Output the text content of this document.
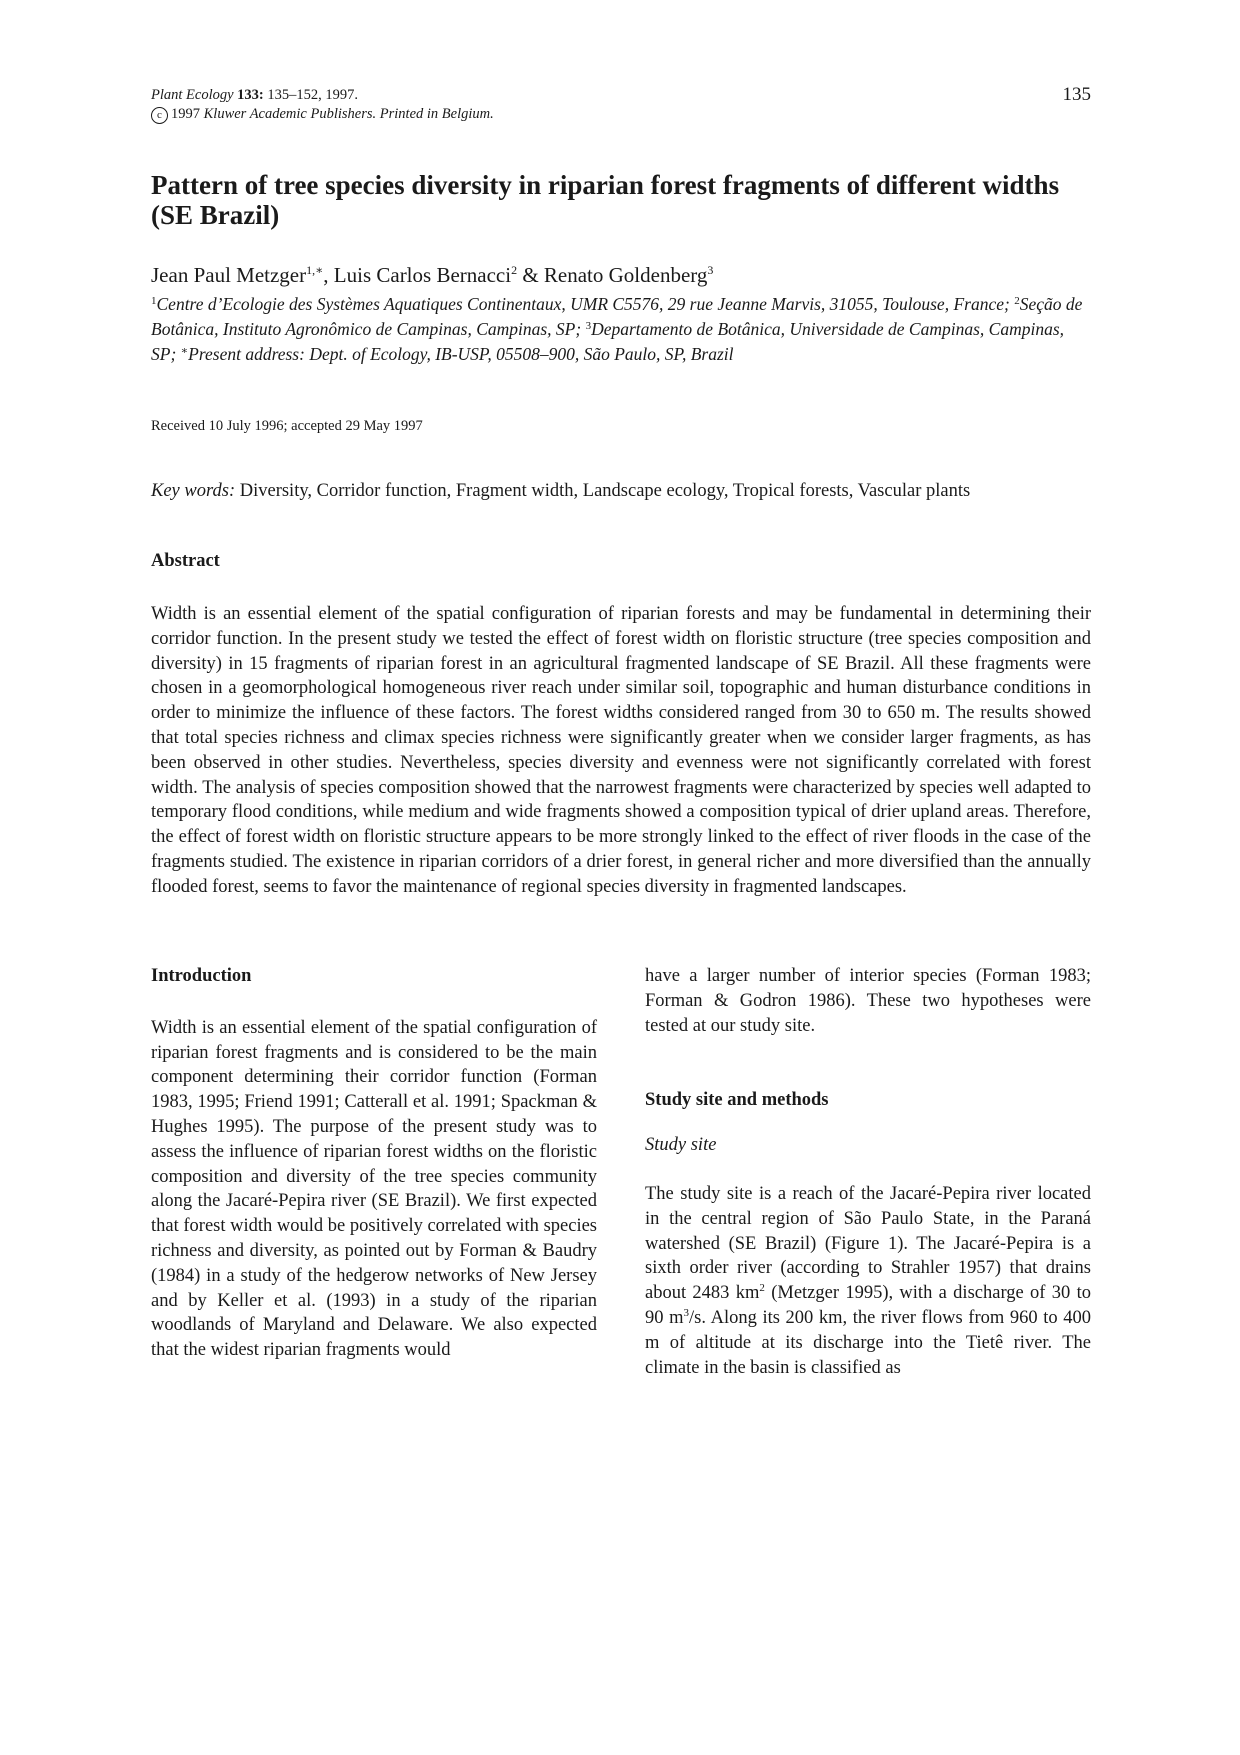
Plant Ecology 133: 135–152, 1997.
c 1997 Kluwer Academic Publishers. Printed in Belgium.
135
Pattern of tree species diversity in riparian forest fragments of different widths (SE Brazil)
Jean Paul Metzger$^{1,∗}$, Luis Carlos Bernacci$^2$ & Renato Goldenberg$^3$
$^1$Centre d’Ecologie des Systèmes Aquatiques Continentaux, UMR C5576, 29 rue Jeanne Marvis, 31055, Toulouse, France; $^2$Seção de Botânica, Instituto Agronômico de Campinas, Campinas, SP; $^3$Departamento de Botânica, Universidade de Campinas, Campinas, SP; ∗Present address: Dept. of Ecology, IB-USP, 05508–900, São Paulo, SP, Brazil
Received 10 July 1996; accepted 29 May 1997
Key words: Diversity, Corridor function, Fragment width, Landscape ecology, Tropical forests, Vascular plants
Abstract

Width is an essential element of the spatial configuration of riparian forests and may be fundamental in determining their corridor function. In the present study we tested the effect of forest width on floristic structure (tree species composition and diversity) in 15 fragments of riparian forest in an agricultural fragmented landscape of SE Brazil. All these fragments were chosen in a geomorphological homogeneous river reach under similar soil, topographic and human disturbance conditions in order to minimize the influence of these factors. The forest widths considered ranged from 30 to 650 m. The results showed that total species richness and climax species richness were significantly greater when we consider larger fragments, as has been observed in other studies. Nevertheless, species diversity and evenness were not significantly correlated with forest width. The analysis of species composition showed that the narrowest fragments were characterized by species well adapted to temporary flood conditions, while medium and wide fragments showed a composition typical of drier upland areas. Therefore, the effect of forest width on floristic structure appears to be more strongly linked to the effect of river floods in the case of the fragments studied. The existence in riparian corridors of a drier forest, in general richer and more diversified than the annually flooded forest, seems to favor the maintenance of regional species diversity in fragmented landscapes.

Introduction

Width is an essential element of the spatial configuration of riparian forest fragments and is considered to be the main component determining their corridor function (Forman 1983, 1995; Friend 1991; Catterall et al. 1991; Spackman & Hughes 1995). The purpose of the present study was to assess the influence of riparian forest widths on the floristic composition and diversity of the tree species community along the Jacaré-Pepira river (SE Brazil). We first expected that forest width would be positively correlated with species richness and diversity, as pointed out by Forman & Baudry (1984) in a study of the hedgerow networks of New Jersey and by Keller et al. (1993) in a study of the riparian woodlands of Maryland and Delaware. We also expected that the widest riparian fragments would

have a larger number of interior species (Forman 1983; Forman & Godron 1986). These two hypotheses were tested at our study site.

Study site and methods
Study site

The study site is a reach of the Jacaré-Pepira river located in the central region of São Paulo State, in the Paraná watershed (SE Brazil) (Figure 1). The Jacaré-Pepira is a sixth order river (according to Strahler 1957) that drains about 2483 $km^2$ (Metzger 1995), with a discharge of 30 to 90 $m^3/s$. Along its 200 km, the river flows from 960 to 400 m of altitude at its discharge into the Tietê river. The climate in the basin is classified as
